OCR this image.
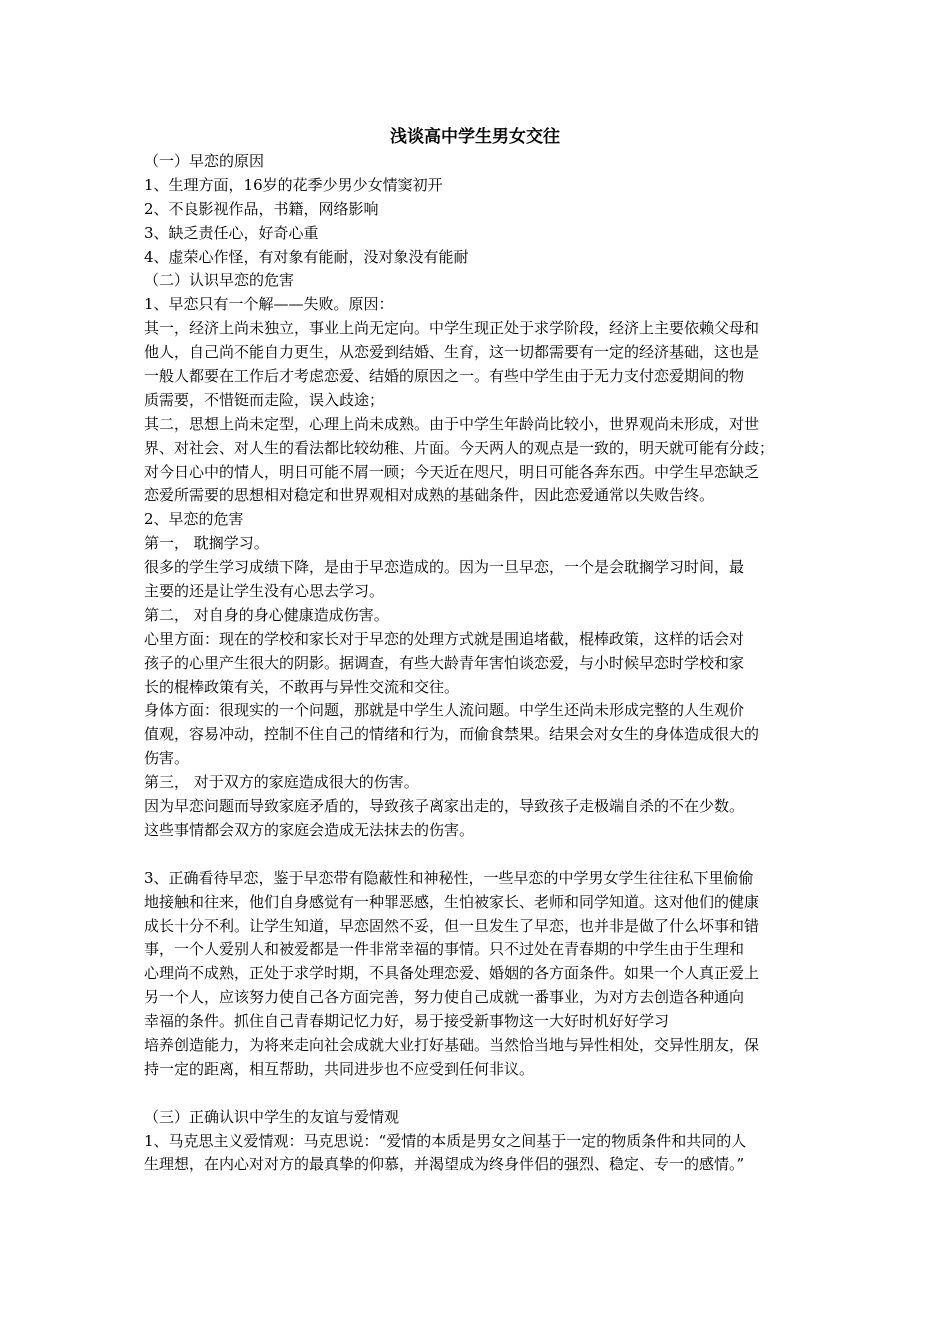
浅谈高中学生男女交往
（一）早恋的原因
1、生理方面，16岁的花季少男少女情窦初开
2、不良影视作品，书籍，网络影响
3、缺乏责任心，好奇心重
4、虚荣心作怪，有对象有能耐，没对象没有能耐
（二）认识早恋的危害
1、早恋只有一个解——失败。原因：
其一，经济上尚未独立，事业上尚无定向。中学生现正处于求学阶段，经济上主要依赖父母和
他人，自己尚不能自力更生，从恋爱到结婚、生育，这一切都需要有一定的经济基础，这也是
一般人都要在工作后才考虑恋爱、结婚的原因之一。有些中学生由于无力支付恋爱期间的物
质需要，不惜铤而走险，误入歧途；
其二，思想上尚未定型，心理上尚未成熟。由于中学生年龄尚比较小，世界观尚未形成，对世
界、对社会、对人生的看法都比较幼稚、片面。今天两人的观点是一致的，明天就可能有分歧；
对今日心中的情人，明日可能不屑一顾；今天近在咫尺，明日可能各奔东西。中学生早恋缺乏
恋爱所需要的思想相对稳定和世界观相对成熟的基础条件，因此恋爱通常以失败告终。
2、早恋的危害
第一， 耽搁学习。
很多的学生学习成绩下降，是由于早恋造成的。因为一旦早恋，一个是会耽搁学习时间，最
主要的还是让学生没有心思去学习。
第二， 对自身的身心健康造成伤害。
心里方面：现在的学校和家长对于早恋的处理方式就是围追堵截，棍棒政策，这样的话会对
孩子的心里产生很大的阴影。据调查，有些大龄青年害怕谈恋爱，与小时候早恋时学校和家
长的棍棒政策有关，不敢再与异性交流和交往。
身体方面：很现实的一个问题，那就是中学生人流问题。中学生还尚未形成完整的人生观价
值观，容易冲动，控制不住自己的情绪和行为，而偷食禁果。结果会对女生的身体造成很大的
伤害。
第三， 对于双方的家庭造成很大的伤害。
因为早恋问题而导致家庭矛盾的，导致孩子离家出走的，导致孩子走极端自杀的不在少数。
这些事情都会双方的家庭会造成无法抹去的伤害。
3、正确看待早恋，鉴于早恋带有隐蔽性和神秘性，一些早恋的中学男女学生往往私下里偷偷
地接触和往来，他们自身感觉有一种罪恶感，生怕被家长、老师和同学知道。这对他们的健康
成长十分不利。让学生知道，早恋固然不妥，但一旦发生了早恋，也并非是做了什么坏事和错
事，一个人爱别人和被爱都是一件非常幸福的事情。只不过处在青春期的中学生由于生理和
心理尚不成熟，正处于求学时期，不具备处理恋爱、婚姻的各方面条件。如果一个人真正爱上
另一个人，应该努力使自己各方面完善，努力使自己成就一番事业，为对方去创造各种通向
幸福的条件。抓住自己青春期记忆力好，易于接受新事物这一大好时机好好学习
培养创造能力，为将来走向社会成就大业打好基础。当然恰当地与异性相处，交异性朋友，保
持一定的距离，相互帮助，共同进步也不应受到任何非议。
（三）正确认识中学生的友谊与爱情观
1、马克思主义爱情观：马克思说：“爱情的本质是男女之间基于一定的物质条件和共同的人
生理想，在内心对对方的最真挚的仰慕，并渴望成为终身伴侣的强烈、稳定、专一的感情。”
